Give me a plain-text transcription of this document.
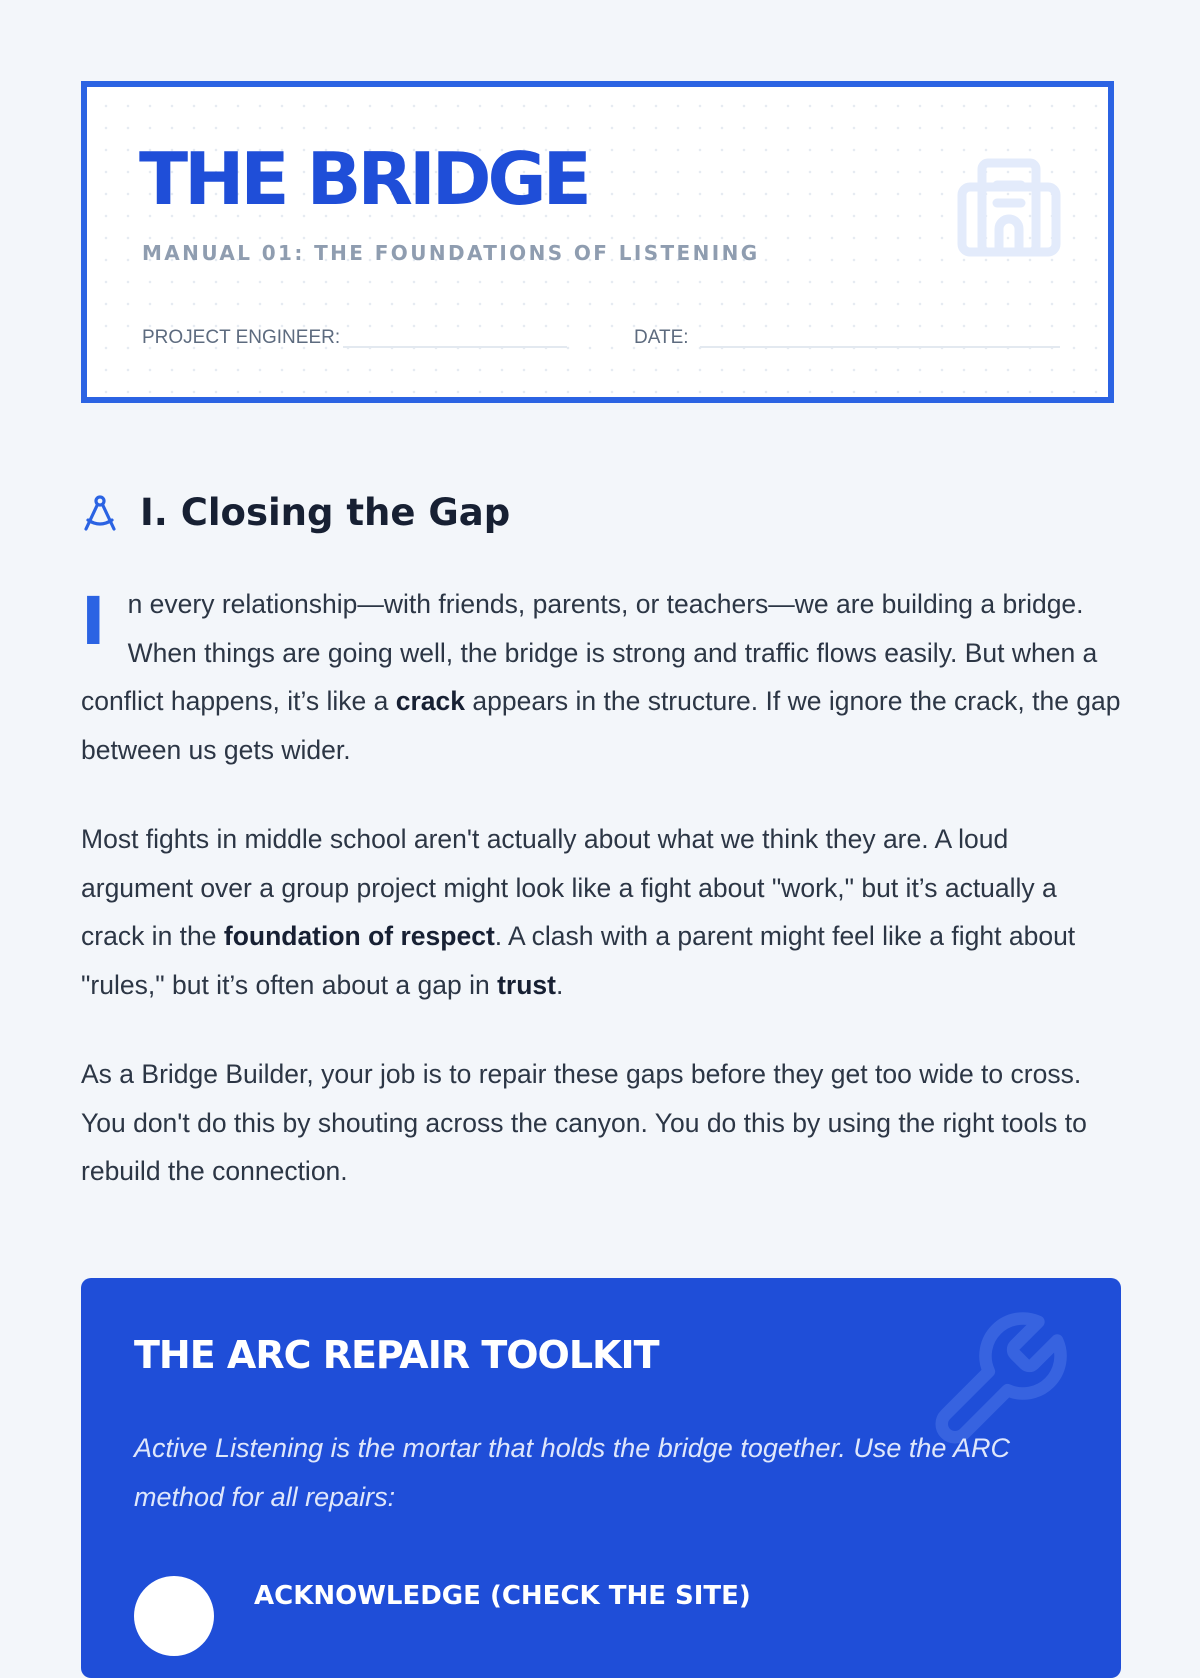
THE BRIDGE
MANUAL 01: THE FOUNDATIONS OF LISTENING
PROJECT ENGINEER:	DATE:
I. Closing the Gap

In every relationship—with friends, parents, or teachers—we are building a bridge. When things are going well, the bridge is strong and traffic flows easily. But when a conflict happens, it’s like a crack appears in the structure. If we ignore the crack, the gap between us gets wider.

Most fights in middle school aren't actually about what we think they are. A loud argument over a group project might look like a fight about "work," but it’s actually a crack in the foundation of respect. A clash with a parent might feel like a fight about "rules," but it’s often about a gap in trust.

As a Bridge Builder, your job is to repair these gaps before they get too wide to cross. You don't do this by shouting across the canyon. You do this by using the right tools to rebuild the connection.

THE ARC REPAIR TOOLKIT

Active Listening is the mortar that holds the bridge together. Use the ARC method for all repairs:

ACKNOWLEDGE (CHECK THE SITE)
